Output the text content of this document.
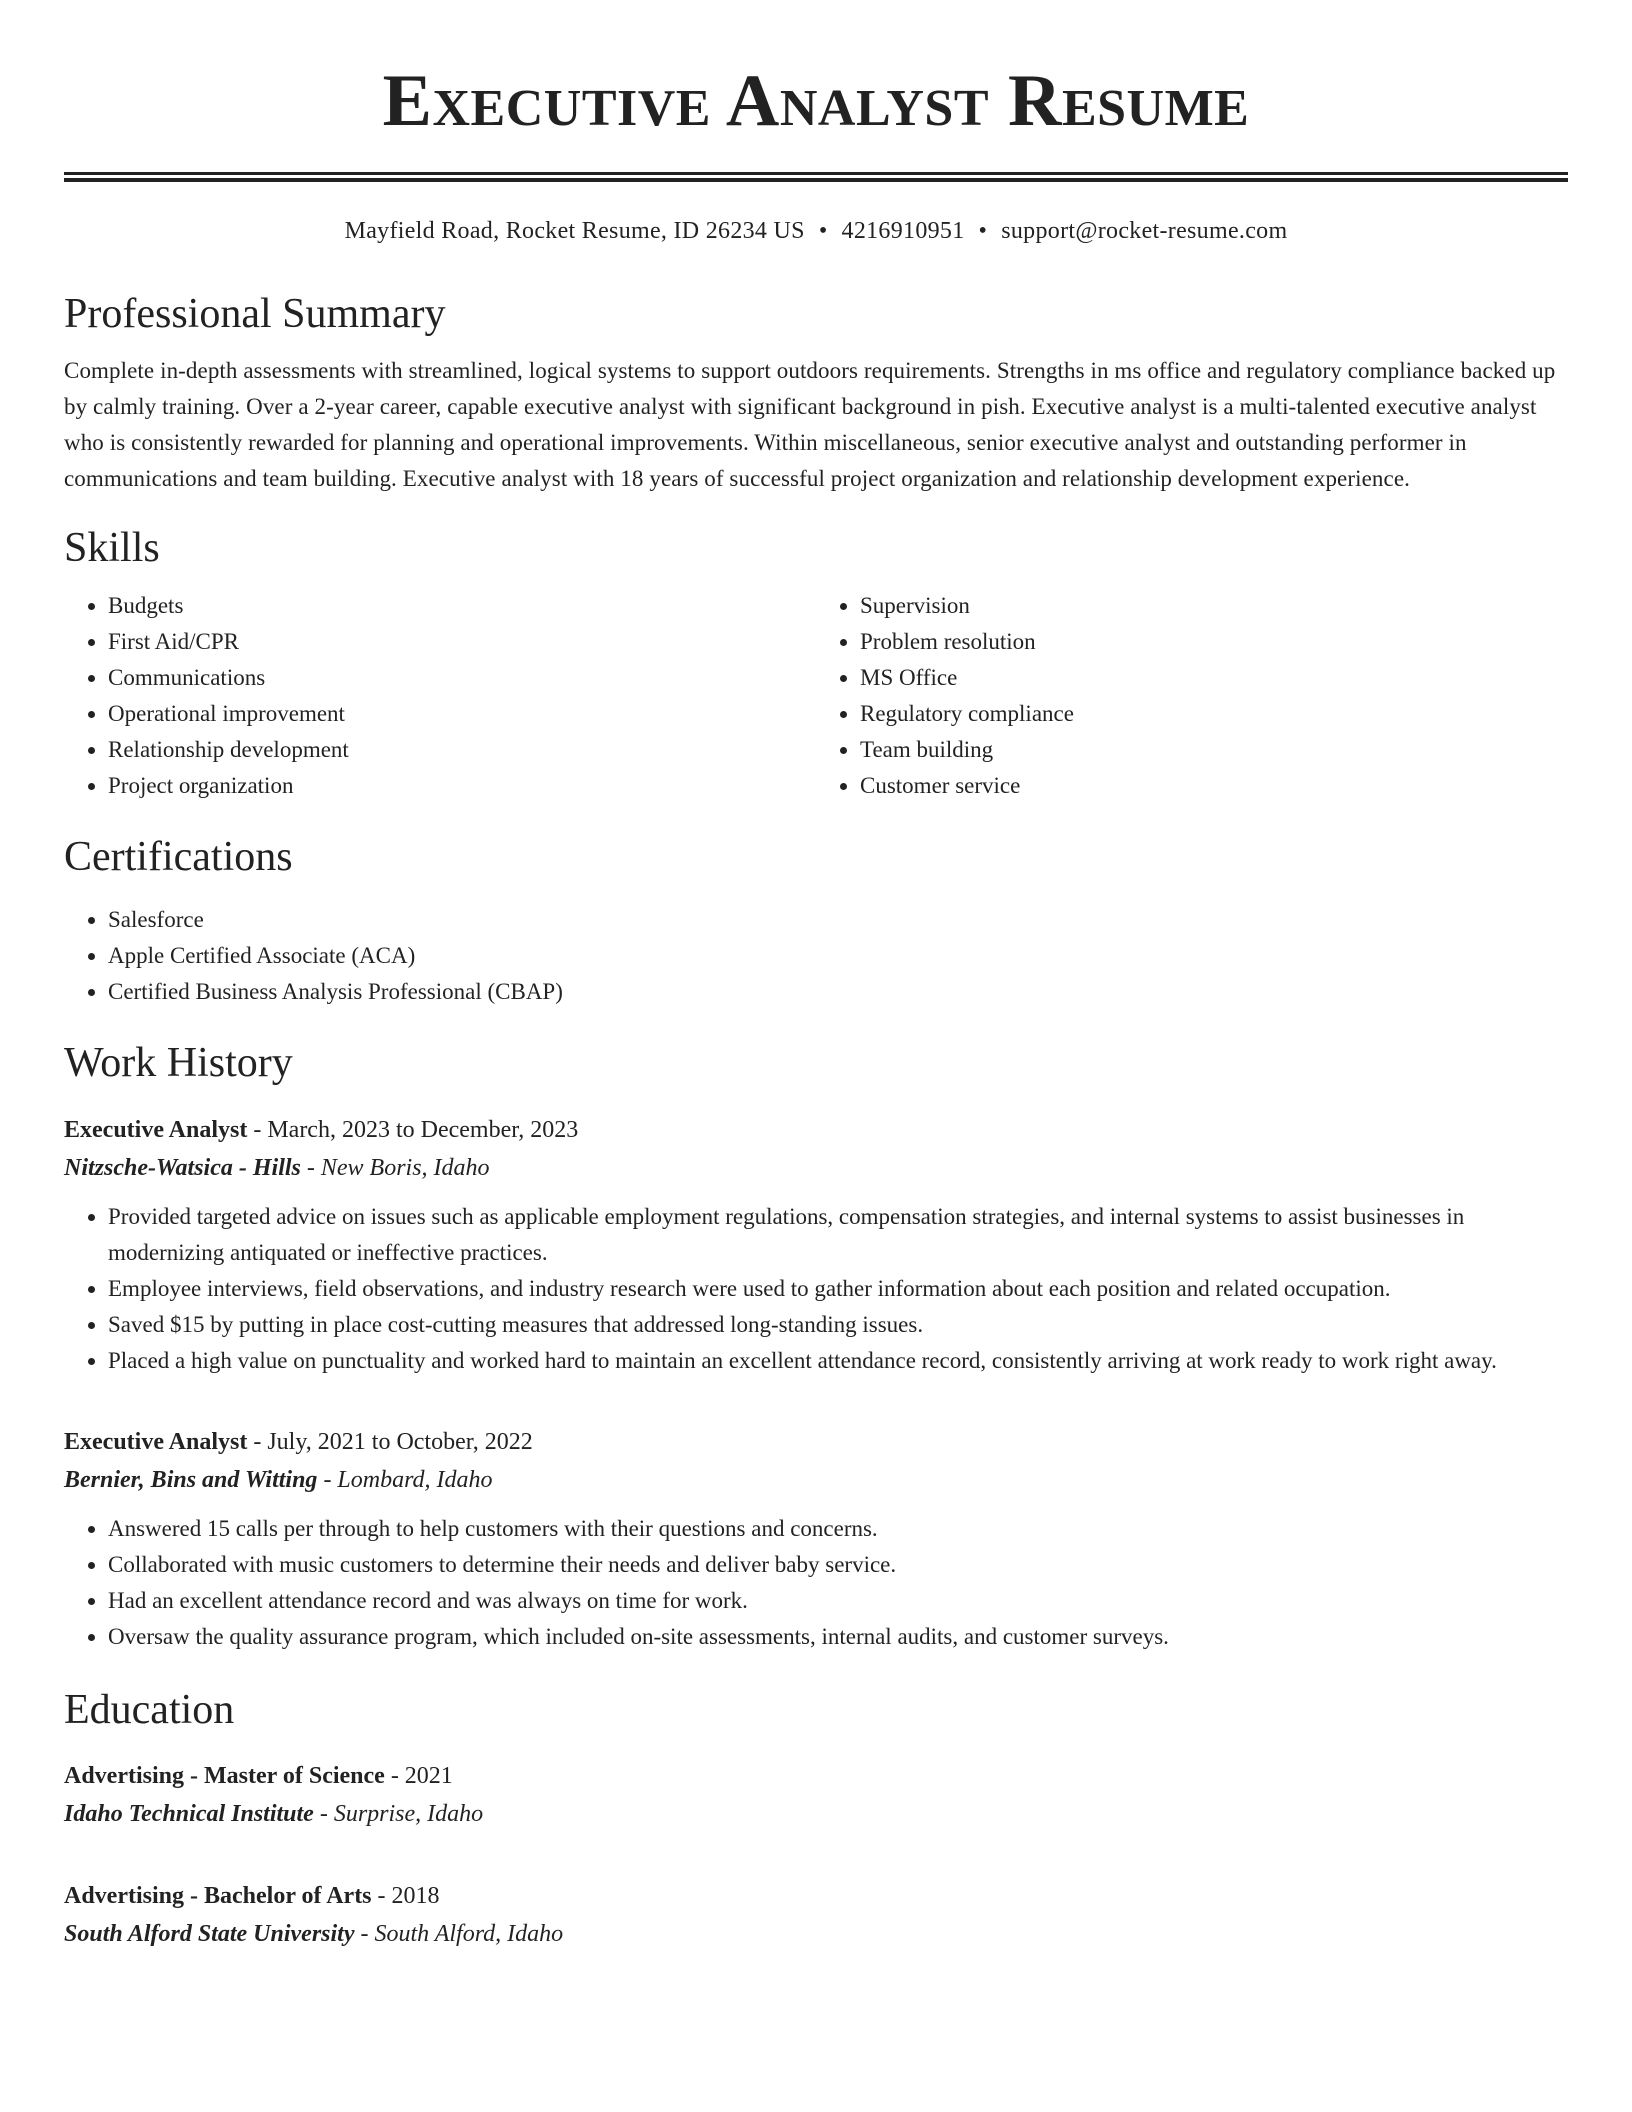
Executive Analyst Resume
Mayfield Road, Rocket Resume, ID 26234 US • 4216910951 • support@rocket-resume.com
Professional Summary
Complete in-depth assessments with streamlined, logical systems to support outdoors requirements. Strengths in ms office and regulatory compliance backed up by calmly training. Over a 2-year career, capable executive analyst with significant background in pish. Executive analyst is a multi-talented executive analyst who is consistently rewarded for planning and operational improvements. Within miscellaneous, senior executive analyst and outstanding performer in communications and team building. Executive analyst with 18 years of successful project organization and relationship development experience.
Skills
• Budgets
• First Aid/CPR
• Communications
• Operational improvement
• Relationship development
• Project organization
• Supervision
• Problem resolution
• MS Office
• Regulatory compliance
• Team building
• Customer service
Certifications
• Salesforce
• Apple Certified Associate (ACA)
• Certified Business Analysis Professional (CBAP)
Work History
Executive Analyst - March, 2023 to December, 2023
Nitzsche-Watsica - Hills - New Boris, Idaho
• Provided targeted advice on issues such as applicable employment regulations, compensation strategies, and internal systems to assist businesses in modernizing antiquated or ineffective practices.
• Employee interviews, field observations, and industry research were used to gather information about each position and related occupation.
• Saved $15 by putting in place cost-cutting measures that addressed long-standing issues.
• Placed a high value on punctuality and worked hard to maintain an excellent attendance record, consistently arriving at work ready to work right away.
Executive Analyst - July, 2021 to October, 2022
Bernier, Bins and Witting - Lombard, Idaho
• Answered 15 calls per through to help customers with their questions and concerns.
• Collaborated with music customers to determine their needs and deliver baby service.
• Had an excellent attendance record and was always on time for work.
• Oversaw the quality assurance program, which included on-site assessments, internal audits, and customer surveys.
Education
Advertising - Master of Science - 2021
Idaho Technical Institute - Surprise, Idaho
Advertising - Bachelor of Arts - 2018
South Alford State University - South Alford, Idaho
